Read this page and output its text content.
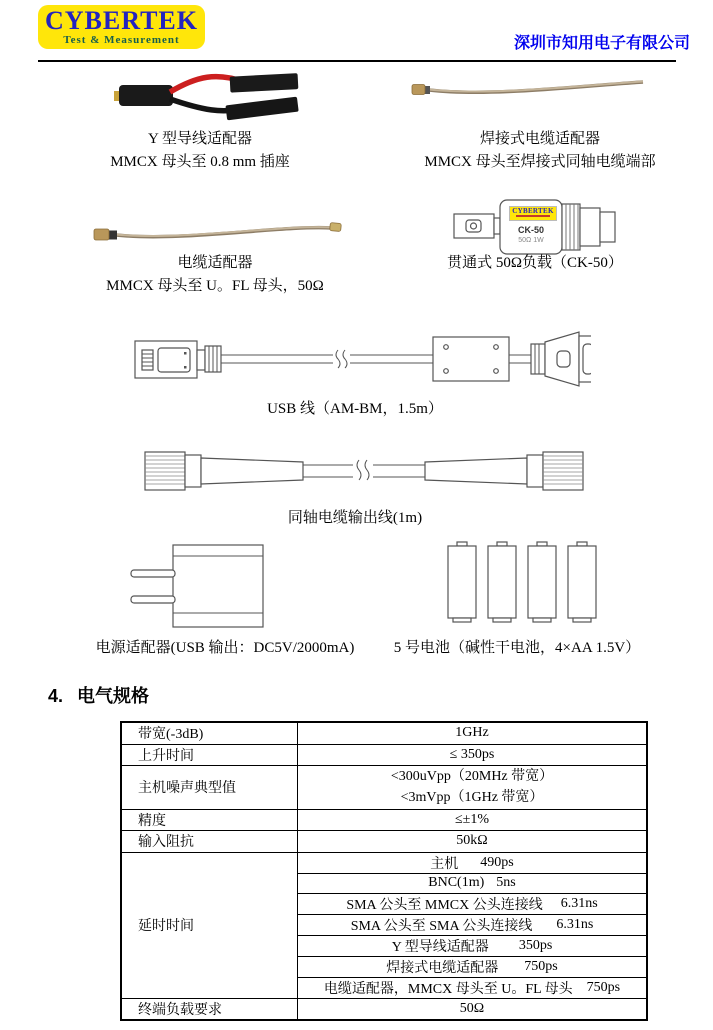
CYBERTEK
Test & Measurement	深圳市知用电子有限公司
Y 型导线适配器
MMCX 母头至 0.8 mm 插座
焊接式电缆适配器
MMCX 母头至焊接式同轴电缆端部
电缆适配器
MMCX 母头至 U。FL 母头，50Ω
CYBERTEK
CK-50
50Ω 1W
贯通式 50Ω负载（CK-50）
USB 线（AM-BM，1.5m）
同轴电缆输出线(1m)
电源适配器(USB 输出：DC5V/2000mA)	5 号电池（碱性干电池，4×AA 1.5V）
4. 电气规格
带宽(-3dB)	1GHz
上升时间	≤ 350ps
主机噪声典型值	<300uVpp（20MHz 带宽）
<3mVpp（1GHz 带宽）

精度	≤±1%
输入阻抗	50kΩ
延时时间	主机 490ps

	BNC(1m) 5ns

	SMA 公头至 MMCX 公头连接线 6.31ns

	SMA 公头至 SMA 公头连接线 6.31ns

	Y 型导线适配器 350ps

	焊接式电缆适配器 750ps

	电缆适配器，MMCX 母头至 U。FL 母头 750ps

终端负载要求	50Ω
